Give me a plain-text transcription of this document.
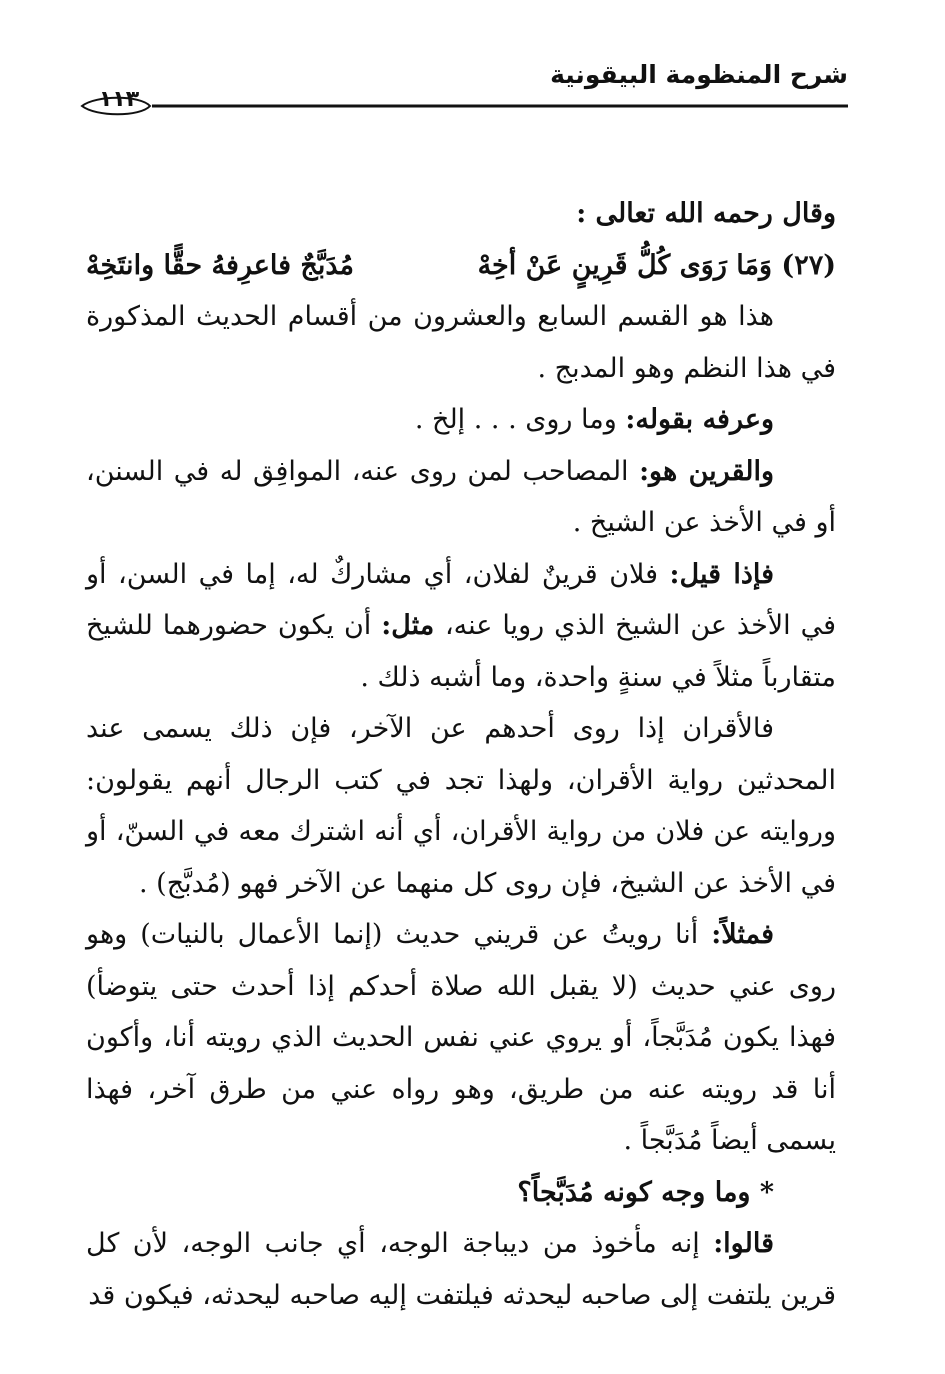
شرح المنظومة البيقونية
١١٣

وقال رحمه الله تعالى :

(٢٧) وَمَا رَوَى كُلُّ قَرِينٍ عَنْ أخِهْ
مُدَبَّجٌ فاعرِفهُ حقًّا وانتَخِهْ

هذا هو القسم السابع والعشرون من أقسام الحديث المذكورة في هذا النظم وهو المدبج .

وعرفه بقوله: وما روى . . . إلخ .

والقرين هو: المصاحب لمن روى عنه، الموافِق له في السنن، أو في الأخذ عن الشيخ .

فإذا قيل: فلان قرينٌ لفلان، أي مشاركٌ له، إما في السن، أو في الأخذ عن الشيخ الذي رويا عنه، مثل: أن يكون حضورهما للشيخ متقارباً مثلاً في سنةٍ واحدة، وما أشبه ذلك .

فالأقران إذا روى أحدهم عن الآخر، فإن ذلك يسمى عند المحدثين رواية الأقران، ولهذا تجد في كتب الرجال أنهم يقولون: وروايته عن فلان من رواية الأقران، أي أنه اشترك معه في السنّ، أو في الأخذ عن الشيخ، فإن روى كل منهما عن الآخر فهو (مُدبَّج) .

فمثلاً: أنا رويتُ عن قريني حديث (إنما الأعمال بالنيات) وهو روى عني حديث (لا يقبل الله صلاة أحدكم إذا أحدث حتى يتوضأ) فهذا يكون مُدَبَّجاً، أو يروي عني نفس الحديث الذي رويته أنا، وأكون أنا قد رويته عنه من طريق، وهو رواه عني من طرق آخر، فهذا يسمى أيضاً مُدَبَّجاً .

* وما وجه كونه مُدَبَّجاً؟

قالوا: إنه مأخوذ من ديباجة الوجه، أي جانب الوجه، لأن كل قرين يلتفت إلى صاحبه ليحدثه فيلتفت إليه صاحبه ليحدثه، فيكون قد
